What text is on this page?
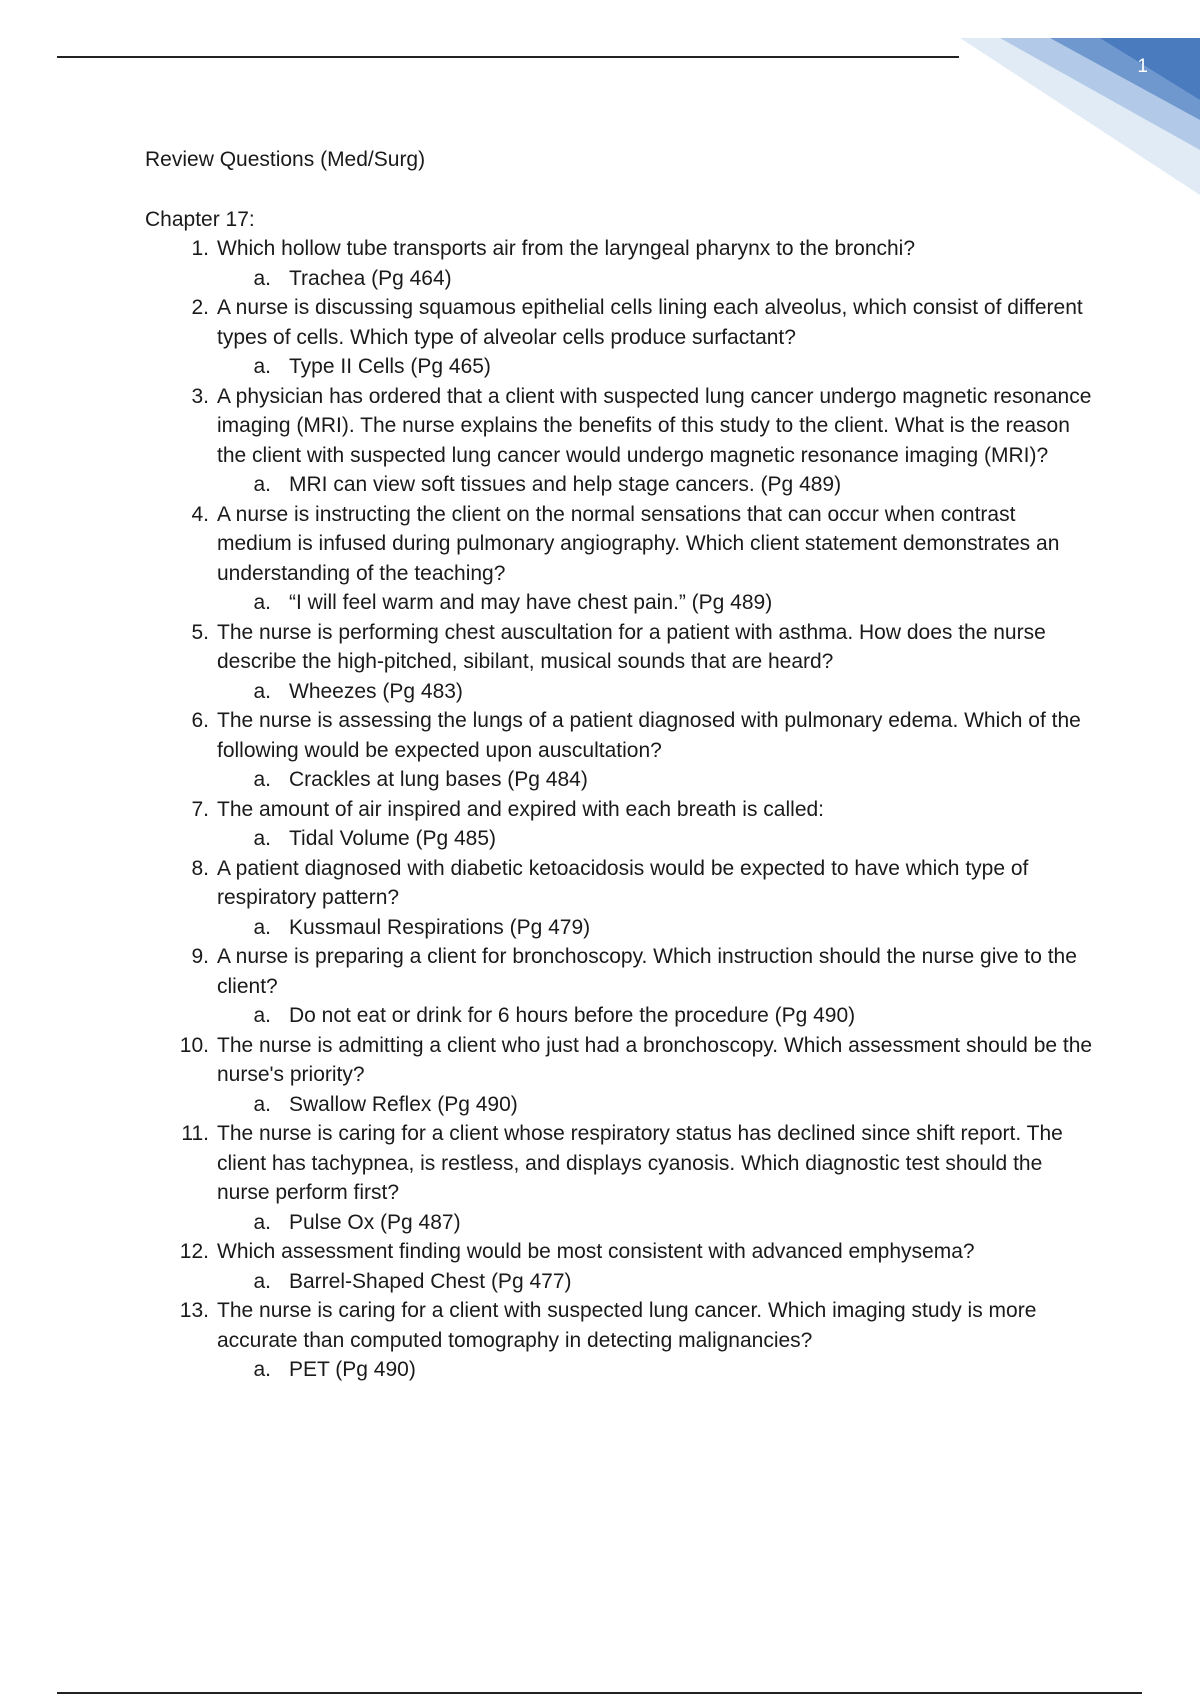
1
Review Questions (Med/Surg)
Chapter 17:
1. Which hollow tube transports air from the laryngeal pharynx to the bronchi?
a. Trachea (Pg 464)
2. A nurse is discussing squamous epithelial cells lining each alveolus, which consist of different types of cells. Which type of alveolar cells produce surfactant?
a. Type II Cells (Pg 465)
3. A physician has ordered that a client with suspected lung cancer undergo magnetic resonance imaging (MRI). The nurse explains the benefits of this study to the client. What is the reason the client with suspected lung cancer would undergo magnetic resonance imaging (MRI)?
a. MRI can view soft tissues and help stage cancers. (Pg 489)
4. A nurse is instructing the client on the normal sensations that can occur when contrast medium is infused during pulmonary angiography. Which client statement demonstrates an understanding of the teaching?
a. “I will feel warm and may have chest pain.” (Pg 489)
5. The nurse is performing chest auscultation for a patient with asthma. How does the nurse describe the high-pitched, sibilant, musical sounds that are heard?
a. Wheezes (Pg 483)
6. The nurse is assessing the lungs of a patient diagnosed with pulmonary edema. Which of the following would be expected upon auscultation?
a. Crackles at lung bases (Pg 484)
7. The amount of air inspired and expired with each breath is called:
a. Tidal Volume (Pg 485)
8. A patient diagnosed with diabetic ketoacidosis would be expected to have which type of respiratory pattern?
a. Kussmaul Respirations (Pg 479)
9. A nurse is preparing a client for bronchoscopy. Which instruction should the nurse give to the client?
a. Do not eat or drink for 6 hours before the procedure (Pg 490)
10. The nurse is admitting a client who just had a bronchoscopy. Which assessment should be the nurse's priority?
a. Swallow Reflex (Pg 490)
11. The nurse is caring for a client whose respiratory status has declined since shift report. The client has tachypnea, is restless, and displays cyanosis. Which diagnostic test should the nurse perform first?
a. Pulse Ox (Pg 487)
12. Which assessment finding would be most consistent with advanced emphysema?
a. Barrel-Shaped Chest (Pg 477)
13. The nurse is caring for a client with suspected lung cancer. Which imaging study is more accurate than computed tomography in detecting malignancies?
a. PET (Pg 490)
